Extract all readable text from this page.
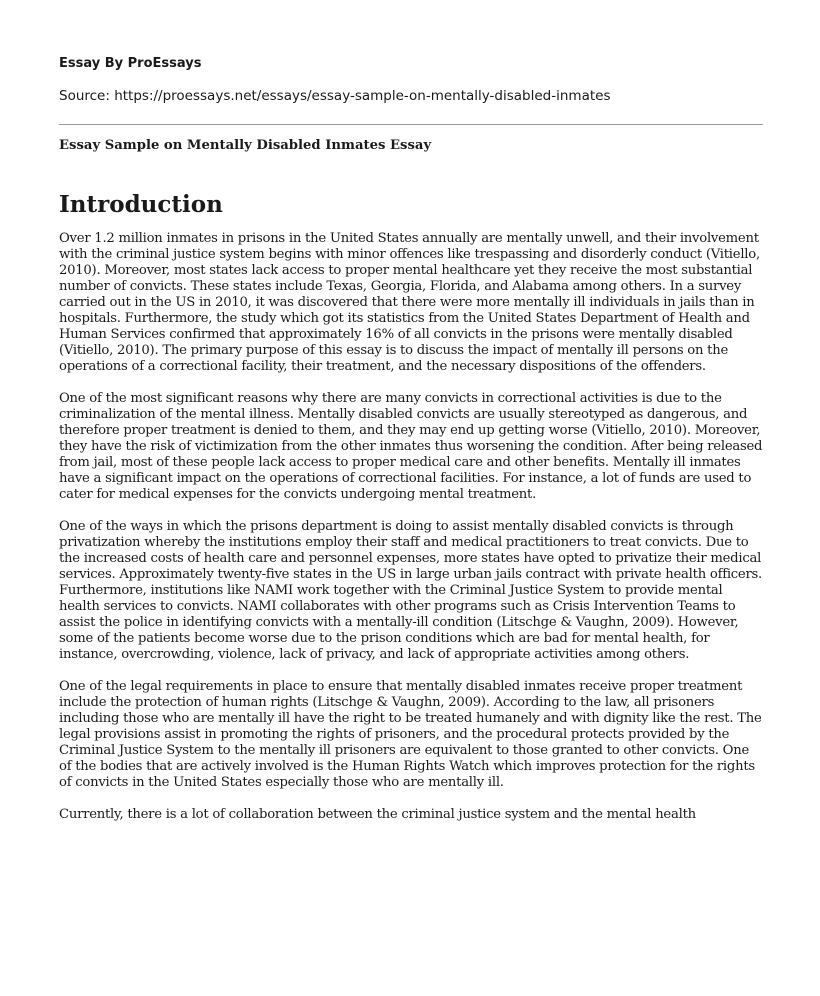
Essay By ProEssays
Source: https://proessays.net/essays/essay-sample-on-mentally-disabled-inmates
Essay Sample on Mentally Disabled Inmates Essay
Introduction

Over 1.2 million inmates in prisons in the United States annually are mentally unwell, and their involvement with the criminal justice system begins with minor offences like trespassing and disorderly conduct (Vitiello, 2010). Moreover, most states lack access to proper mental healthcare yet they receive the most substantial number of convicts. These states include Texas, Georgia, Florida, and Alabama among others. In a survey carried out in the US in 2010, it was discovered that there were more mentally ill individuals in jails than in hospitals. Furthermore, the study which got its statistics from the United States Department of Health and Human Services confirmed that approximately 16% of all convicts in the prisons were mentally disabled (Vitiello, 2010). The primary purpose of this essay is to discuss the impact of mentally ill persons on the operations of a correctional facility, their treatment, and the necessary dispositions of the offenders.

One of the most significant reasons why there are many convicts in correctional activities is due to the criminalization of the mental illness. Mentally disabled convicts are usually stereotyped as dangerous, and therefore proper treatment is denied to them, and they may end up getting worse (Vitiello, 2010). Moreover, they have the risk of victimization from the other inmates thus worsening the condition. After being released from jail, most of these people lack access to proper medical care and other benefits. Mentally ill inmates have a significant impact on the operations of correctional facilities. For instance, a lot of funds are used to cater for medical expenses for the convicts undergoing mental treatment.

One of the ways in which the prisons department is doing to assist mentally disabled convicts is through privatization whereby the institutions employ their staff and medical practitioners to treat convicts. Due to the increased costs of health care and personnel expenses, more states have opted to privatize their medical services. Approximately twenty-five states in the US in large urban jails contract with private health officers. Furthermore, institutions like NAMI work together with the Criminal Justice System to provide mental health services to convicts. NAMI collaborates with other programs such as Crisis Intervention Teams to assist the police in identifying convicts with a mentally-ill condition (Litschge & Vaughn, 2009). However, some of the patients become worse due to the prison conditions which are bad for mental health, for instance, overcrowding, violence, lack of privacy, and lack of appropriate activities among others.

One of the legal requirements in place to ensure that mentally disabled inmates receive proper treatment include the protection of human rights (Litschge & Vaughn, 2009). According to the law, all prisoners including those who are mentally ill have the right to be treated humanely and with dignity like the rest. The legal provisions assist in promoting the rights of prisoners, and the procedural protects provided by the Criminal Justice System to the mentally ill prisoners are equivalent to those granted to other convicts. One of the bodies that are actively involved is the Human Rights Watch which improves protection for the rights of convicts in the United States especially those who are mentally ill.

Currently, there is a lot of collaboration between the criminal justice system and the mental health
